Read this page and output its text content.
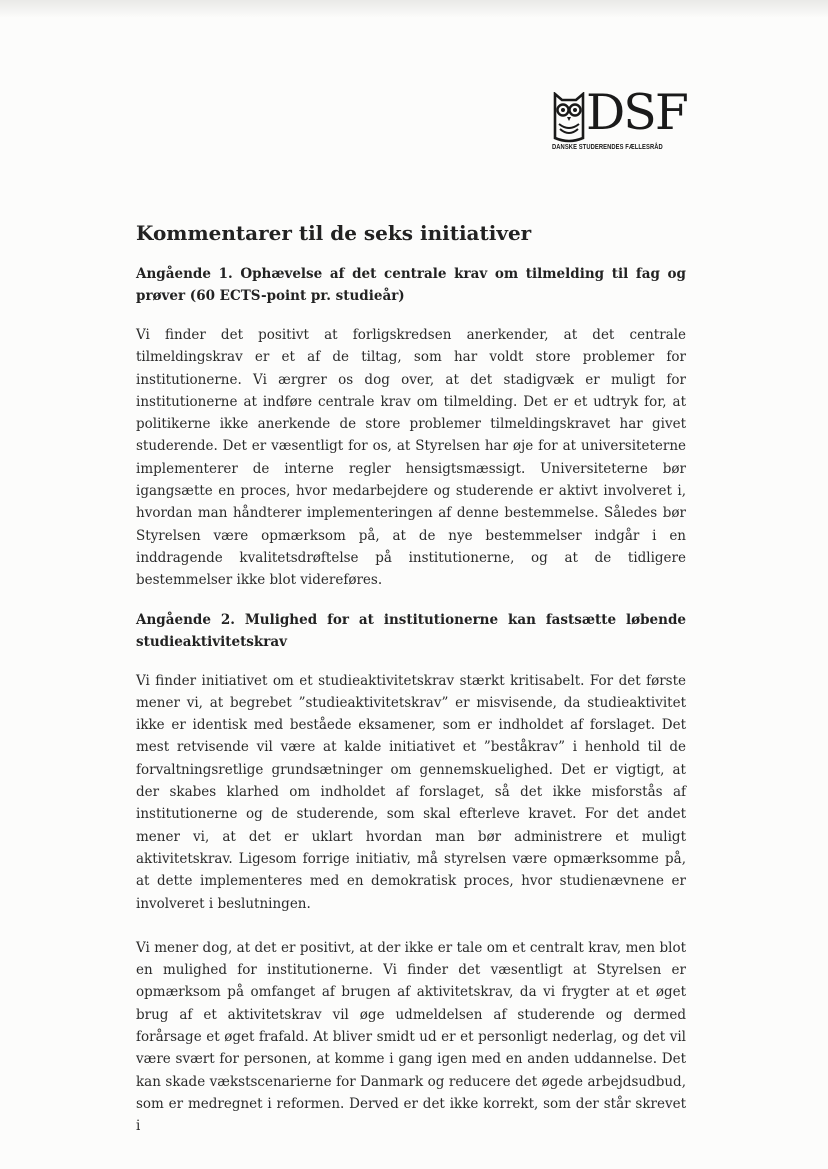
DSF
DANSKE STUDERENDES FÆLLESRÅD
Kommentarer til de seks initiativer
Angående 1. Ophævelse af det centrale krav om tilmelding til fag og prøver (60 ECTS-point pr. studieår)

Vi finder det positivt at forligskredsen anerkender, at det centrale tilmeldingskrav er et af de tiltag, som har voldt store problemer for institutionerne. Vi ærgrer os dog over, at det stadigvæk er muligt for institutionerne at indføre centrale krav om tilmelding. Det er et udtryk for, at politikerne ikke anerkende de store problemer tilmeldingskravet har givet studerende. Det er væsentligt for os, at Styrelsen har øje for at universiteterne implementerer de interne regler hensigtsmæssigt. Universiteterne bør igangsætte en proces, hvor medarbejdere og studerende er aktivt involveret i, hvordan man håndterer implementeringen af denne bestemmelse. Således bør Styrelsen være opmærksom på, at de nye bestemmelser indgår i en inddragende kvalitetsdrøftelse på institutionerne, og at de tidligere bestemmelser ikke blot videreføres.

Angående 2. Mulighed for at institutionerne kan fastsætte løbende studieaktivitetskrav

Vi finder initiativet om et studieaktivitetskrav stærkt kritisabelt. For det første mener vi, at begrebet ”studieaktivitetskrav” er misvisende, da studieaktivitet ikke er identisk med beståede eksamener, som er indholdet af forslaget. Det mest retvisende vil være at kalde initiativet et ”beståkrav” i henhold til de forvaltningsretlige grundsætninger om gennemskuelighed. Det er vigtigt, at der skabes klarhed om indholdet af forslaget, så det ikke misforstås af institutionerne og de studerende, som skal efterleve kravet. For det andet mener vi, at det er uklart hvordan man bør administrere et muligt aktivitetskrav. Ligesom forrige initiativ, må styrelsen være opmærksomme på, at dette implementeres med en demokratisk proces, hvor studienævnene er involveret i beslutningen.

Vi mener dog, at det er positivt, at der ikke er tale om et centralt krav, men blot en mulighed for institutionerne. Vi finder det væsentligt at Styrelsen er opmærksom på omfanget af brugen af aktivitetskrav, da vi frygter at et øget brug af et aktivitetskrav vil øge udmeldelsen af studerende og dermed forårsage et øget frafald. At bliver smidt ud er et personligt nederlag, og det vil være svært for personen, at komme i gang igen med en anden uddannelse. Det kan skade vækstscenarierne for Danmark og reducere det øgede arbejdsudbud, som er medregnet i reformen. Derved er det ikke korrekt, som der står skrevet i
